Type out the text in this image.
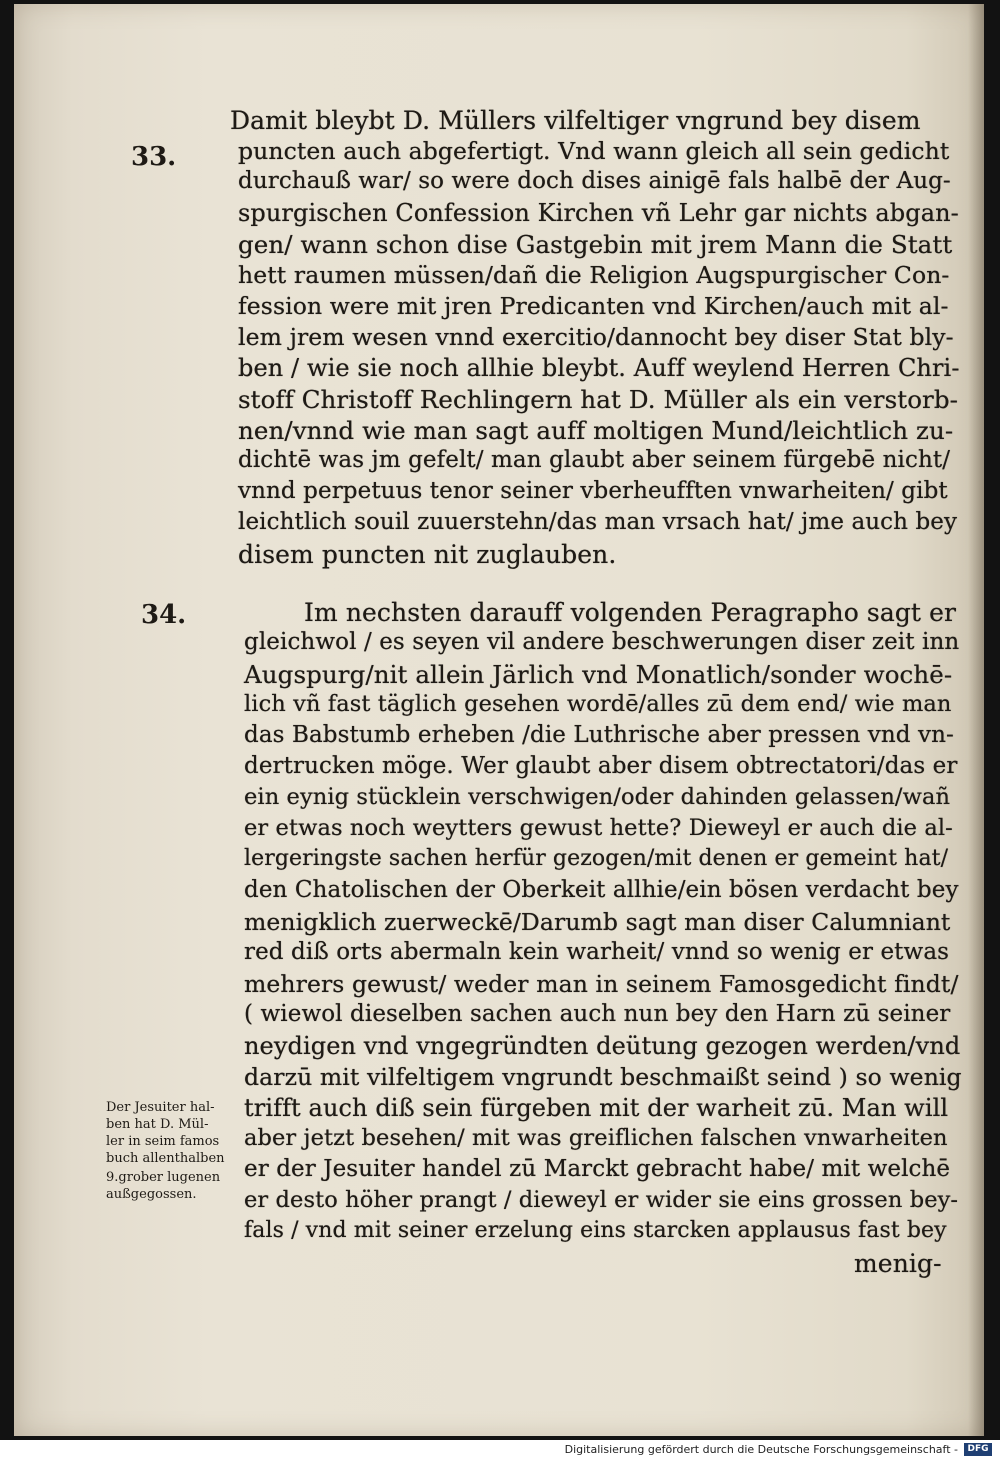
33.
34.
Damit bleybt D. Müllers vilfeltiger vngrund bey disem
puncten auch abgefertigt. Vnd wann gleich all sein gedicht
durchauß war/ so were doch dises ainigē fals halbē der Aug-
spurgischen Confession Kirchen vñ Lehr gar nichts abgan-
gen/ wann schon dise Gastgebin mit jrem Mann die Statt
hett raumen müssen/dañ die Religion Augspurgischer Con-
fession were mit jren Predicanten vnd Kirchen/auch mit al-
lem jrem wesen vnnd exercitio/dannocht bey diser Stat bly-
ben / wie sie noch allhie bleybt. Auff weylend Herren Chri-
stoff Christoff Rechlingern hat D. Müller als ein verstorb-
nen/vnnd wie man sagt auff moltigen Mund/leichtlich zu-
dichtē was jm gefelt/ man glaubt aber seinem fürgebē nicht/
vnnd perpetuus tenor seiner vberheufften vnwarheiten/ gibt
leichtlich souil zuuerstehn/das man vrsach hat/ jme auch bey
disem puncten nit zuglauben.
Im nechsten darauff volgenden Peragrapho sagt er
gleichwol / es seyen vil andere beschwerungen diser zeit inn
Augspurg/nit allein Järlich vnd Monatlich/sonder wochē-
lich vñ fast täglich gesehen wordē/alles zū dem end/ wie man
das Babstumb erheben /die Luthrische aber pressen vnd vn-
dertrucken möge. Wer glaubt aber disem obtrectatori/das er
ein eynig stücklein verschwigen/oder dahinden gelassen/wañ
er etwas noch weytters gewust hette? Dieweyl er auch die al-
lergeringste sachen herfür gezogen/mit denen er gemeint hat/
den Chatolischen der Oberkeit allhie/ein bösen verdacht bey
menigklich zuerweckē/Darumb sagt man diser Calumniant
red diß orts abermaln kein warheit/ vnnd so wenig er etwas
mehrers gewust/ weder man in seinem Famosgedicht findt/
( wiewol dieselben sachen auch nun bey den Harn zū seiner
neydigen vnd vngegründten deütung gezogen werden/vnd
darzū mit vilfeltigem vngrundt beschmaißt seind ) so wenig
trifft auch diß sein fürgeben mit der warheit zū. Man will
aber jetzt besehen/ mit was greiflichen falschen vnwarheiten
er der Jesuiter handel zū Marckt gebracht habe/ mit welchē
er desto höher prangt / dieweyl er wider sie eins grossen bey-
fals / vnd mit seiner erzelung eins starcken applausus fast bey
menig-
Der Jesuiter hal-
ben hat D. Mül-
ler in seim famos
buch allenthalben
9.grober lugenen
außgegossen.
Digitalisierung gefördert durch die Deutsche Forschungsgemeinschaft -	DFG
